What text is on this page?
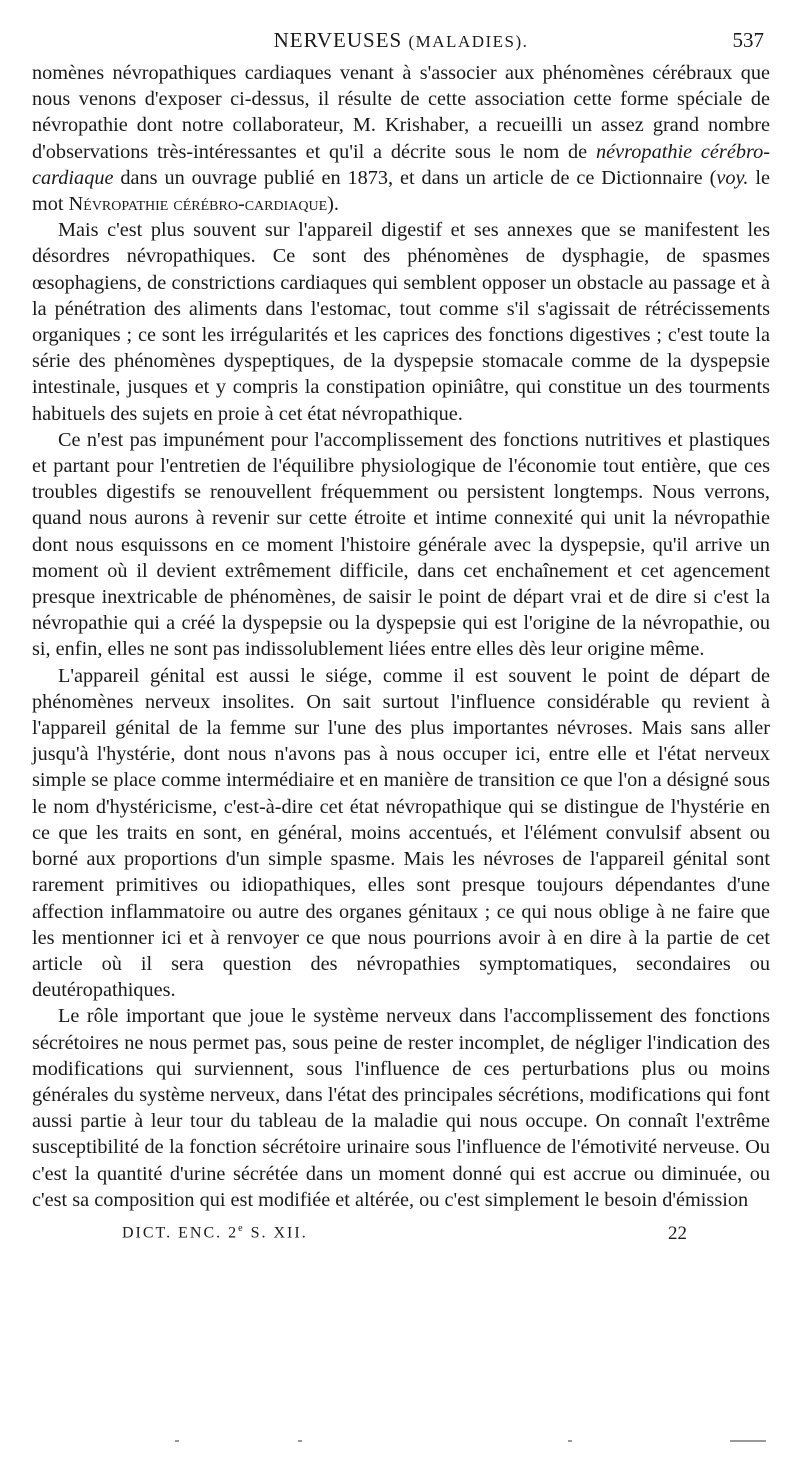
NERVEUSES (MALADIES).	537

nomènes névropathiques cardiaques venant à s'associer aux phénomènes cérébraux que nous venons d'exposer ci-dessus, il résulte de cette association cette forme spéciale de névropathie dont notre collaborateur, M. Krishaber, a recueilli un assez grand nombre d'observations très-intéressantes et qu'il a décrite sous le nom de névropathie cérébro-cardiaque dans un ouvrage publié en 1873, et dans un article de ce Dictionnaire (voy. le mot Névropathie cérébro-cardiaque).

Mais c'est plus souvent sur l'appareil digestif et ses annexes que se manifestent les désordres névropathiques. Ce sont des phénomènes de dysphagie, de spasmes œsophagiens, de constrictions cardiaques qui semblent opposer un obstacle au passage et à la pénétration des aliments dans l'estomac, tout comme s'il s'agissait de rétrécissements organiques ; ce sont les irrégularités et les caprices des fonctions digestives ; c'est toute la série des phénomènes dyspeptiques, de la dyspepsie stomacale comme de la dyspepsie intestinale, jusques et y compris la constipation opiniâtre, qui constitue un des tourments habituels des sujets en proie à cet état névropathique.

Ce n'est pas impunément pour l'accomplissement des fonctions nutritives et plastiques et partant pour l'entretien de l'équilibre physiologique de l'économie tout entière, que ces troubles digestifs se renouvellent fréquemment ou persistent longtemps. Nous verrons, quand nous aurons à revenir sur cette étroite et intime connexité qui unit la névropathie dont nous esquissons en ce moment l'histoire générale avec la dyspepsie, qu'il arrive un moment où il devient extrêmement difficile, dans cet enchaînement et cet agencement presque inextricable de phénomènes, de saisir le point de départ vrai et de dire si c'est la névropathie qui a créé la dyspepsie ou la dyspepsie qui est l'origine de la névropathie, ou si, enfin, elles ne sont pas indissolublement liées entre elles dès leur origine même.

L'appareil génital est aussi le siége, comme il est souvent le point de départ de phénomènes nerveux insolites. On sait surtout l'influence considérable qu revient à l'appareil génital de la femme sur l'une des plus importantes névroses. Mais sans aller jusqu'à l'hystérie, dont nous n'avons pas à nous occuper ici, entre elle et l'état nerveux simple se place comme intermédiaire et en manière de transition ce que l'on a désigné sous le nom d'hystéricisme, c'est-à-dire cet état névropathique qui se distingue de l'hystérie en ce que les traits en sont, en général, moins accentués, et l'élément convulsif absent ou borné aux proportions d'un simple spasme. Mais les névroses de l'appareil génital sont rarement primitives ou idiopathiques, elles sont presque toujours dépendantes d'une affection inflammatoire ou autre des organes génitaux ; ce qui nous oblige à ne faire que les mentionner ici et à renvoyer ce que nous pourrions avoir à en dire à la partie de cet article où il sera question des névropathies symptomatiques, secondaires ou deutéropathiques.

Le rôle important que joue le système nerveux dans l'accomplissement des fonctions sécrétoires ne nous permet pas, sous peine de rester incomplet, de négliger l'indication des modifications qui surviennent, sous l'influence de ces perturbations plus ou moins générales du système nerveux, dans l'état des principales sécrétions, modifications qui font aussi partie à leur tour du tableau de la maladie qui nous occupe. On connaît l'extrême susceptibilité de la fonction sécrétoire urinaire sous l'influence de l'émotivité nerveuse. Ou c'est la quantité d'urine sécrétée dans un moment donné qui est accrue ou diminuée, ou c'est sa composition qui est modifiée et altérée, ou c'est simplement le besoin d'émission

DICT. ENC. 2e S. XII.	22
